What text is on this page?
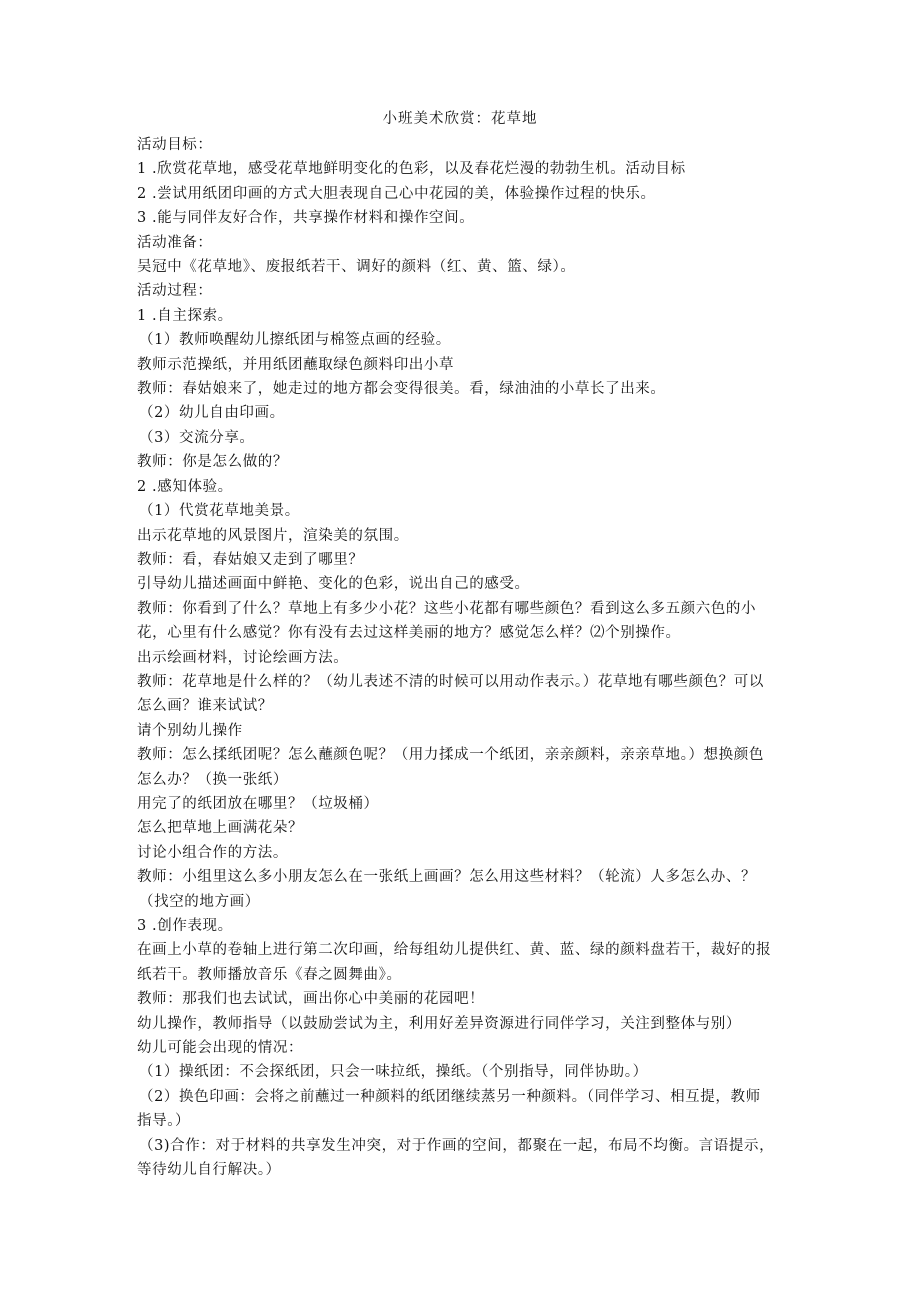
小班美术欣赏：花草地
活动目标：
1 .欣赏花草地，感受花草地鲜明变化的色彩，以及春花烂漫的勃勃生机。活动目标
2 .尝试用纸团印画的方式大胆表现自己心中花园的美，体验操作过程的快乐。
3 .能与同伴友好合作，共享操作材料和操作空间。
活动准备：
吴冠中《花草地》、废报纸若干、调好的颜料（红、黄、篮、绿）。
活动过程：
1 .自主探索。
（1）教师唤醒幼儿擦纸团与棉签点画的经验。
教师示范操纸，并用纸团蘸取绿色颜料印出小草
教师：春姑娘来了，她走过的地方都会变得很美。看，绿油油的小草长了出来。
（2）幼儿自由印画。
（3）交流分享。
教师：你是怎么做的？
2 .感知体验。
（1）代赏花草地美景。
出示花草地的风景图片，渲染美的氛围。
教师：看，春姑娘又走到了哪里？
引导幼儿描述画面中鲜艳、变化的色彩，说出自己的感受。
教师：你看到了什么？草地上有多少小花？这些小花都有哪些颜色？看到这么多五颜六色的小
花，心里有什么感觉？你有没有去过这样美丽的地方？感觉怎么样？⑵个别操作。
出示绘画材料，讨论绘画方法。
教师：花草地是什么样的？（幼儿表述不清的时候可以用动作表示。）花草地有哪些颜色？可以
怎么画？谁来试试？
请个别幼儿操作
教师：怎么揉纸团呢？怎么蘸颜色呢？（用力揉成一个纸团，亲亲颜料，亲亲草地。）想换颜色
怎么办？（换一张纸）
用完了的纸团放在哪里？（垃圾桶）
怎么把草地上画满花朵？
讨论小组合作的方法。
教师：小组里这么多小朋友怎么在一张纸上画画？怎么用这些材料？（轮流）人多怎么办、？
（找空的地方画）
3 .创作表现。
在画上小草的卷轴上进行第二次印画，给每组幼儿提供红、黄、蓝、绿的颜料盘若干，裁好的报
纸若干。教师播放音乐《春之圆舞曲》。
教师：那我们也去试试，画出你心中美丽的花园吧！
幼儿操作，教师指导（以鼓励尝试为主，利用好差异资源进行同伴学习，关注到整体与别）
幼儿可能会出现的情况：
（1）操纸团：不会探纸团，只会一味拉纸，操纸。（个别指导，同伴协助。）
（2）换色印画：会将之前蘸过一种颜料的纸团继续蒸另一种颜料。（同伴学习、相互提，教师
指导。）
（3)合作：对于材料的共享发生冲突，对于作画的空间，都聚在一起，布局不均衡。言语提示，
等待幼儿自行解决。）
